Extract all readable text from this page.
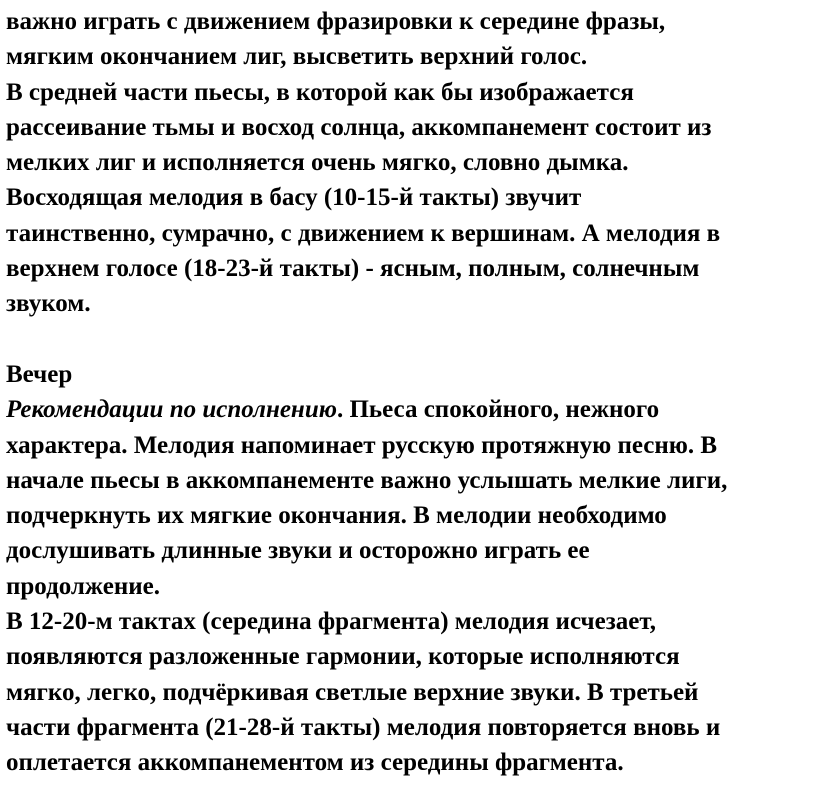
важно играть с движением фразировки к середине фразы,
мягким окончанием лиг, высветить верхний голос.
В средней части пьесы, в которой как бы изображается
рассеивание тьмы и восход солнца, аккомпанемент состоит из
мелких лиг и исполняется очень мягко, словно дымка.
Восходящая мелодия в басу (10-15-й такты) звучит
таинственно, сумрачно, с движением к вершинам. А мелодия в
верхнем голосе (18-23-й такты) - ясным, полным, солнечным
звуком.
Вечер
Рекомендации по исполнению. Пьеса спокойного, нежного
характера. Мелодия напоминает русскую протяжную песню. В
начале пьесы в аккомпанементе важно услышать мелкие лиги,
подчеркнуть их мягкие окончания. В мелодии необходимо
дослушивать длинные звуки и осторожно играть ее
продолжение.
В 12-20-м тактах (середина фрагмента) мелодия исчезает,
появляются разложенные гармонии, которые исполняются
мягко, легко, подчёркивая светлые верхние звуки. В третьей
части фрагмента (21-28-й такты) мелодия повторяется вновь и
оплетается аккомпанементом из середины фрагмента.
